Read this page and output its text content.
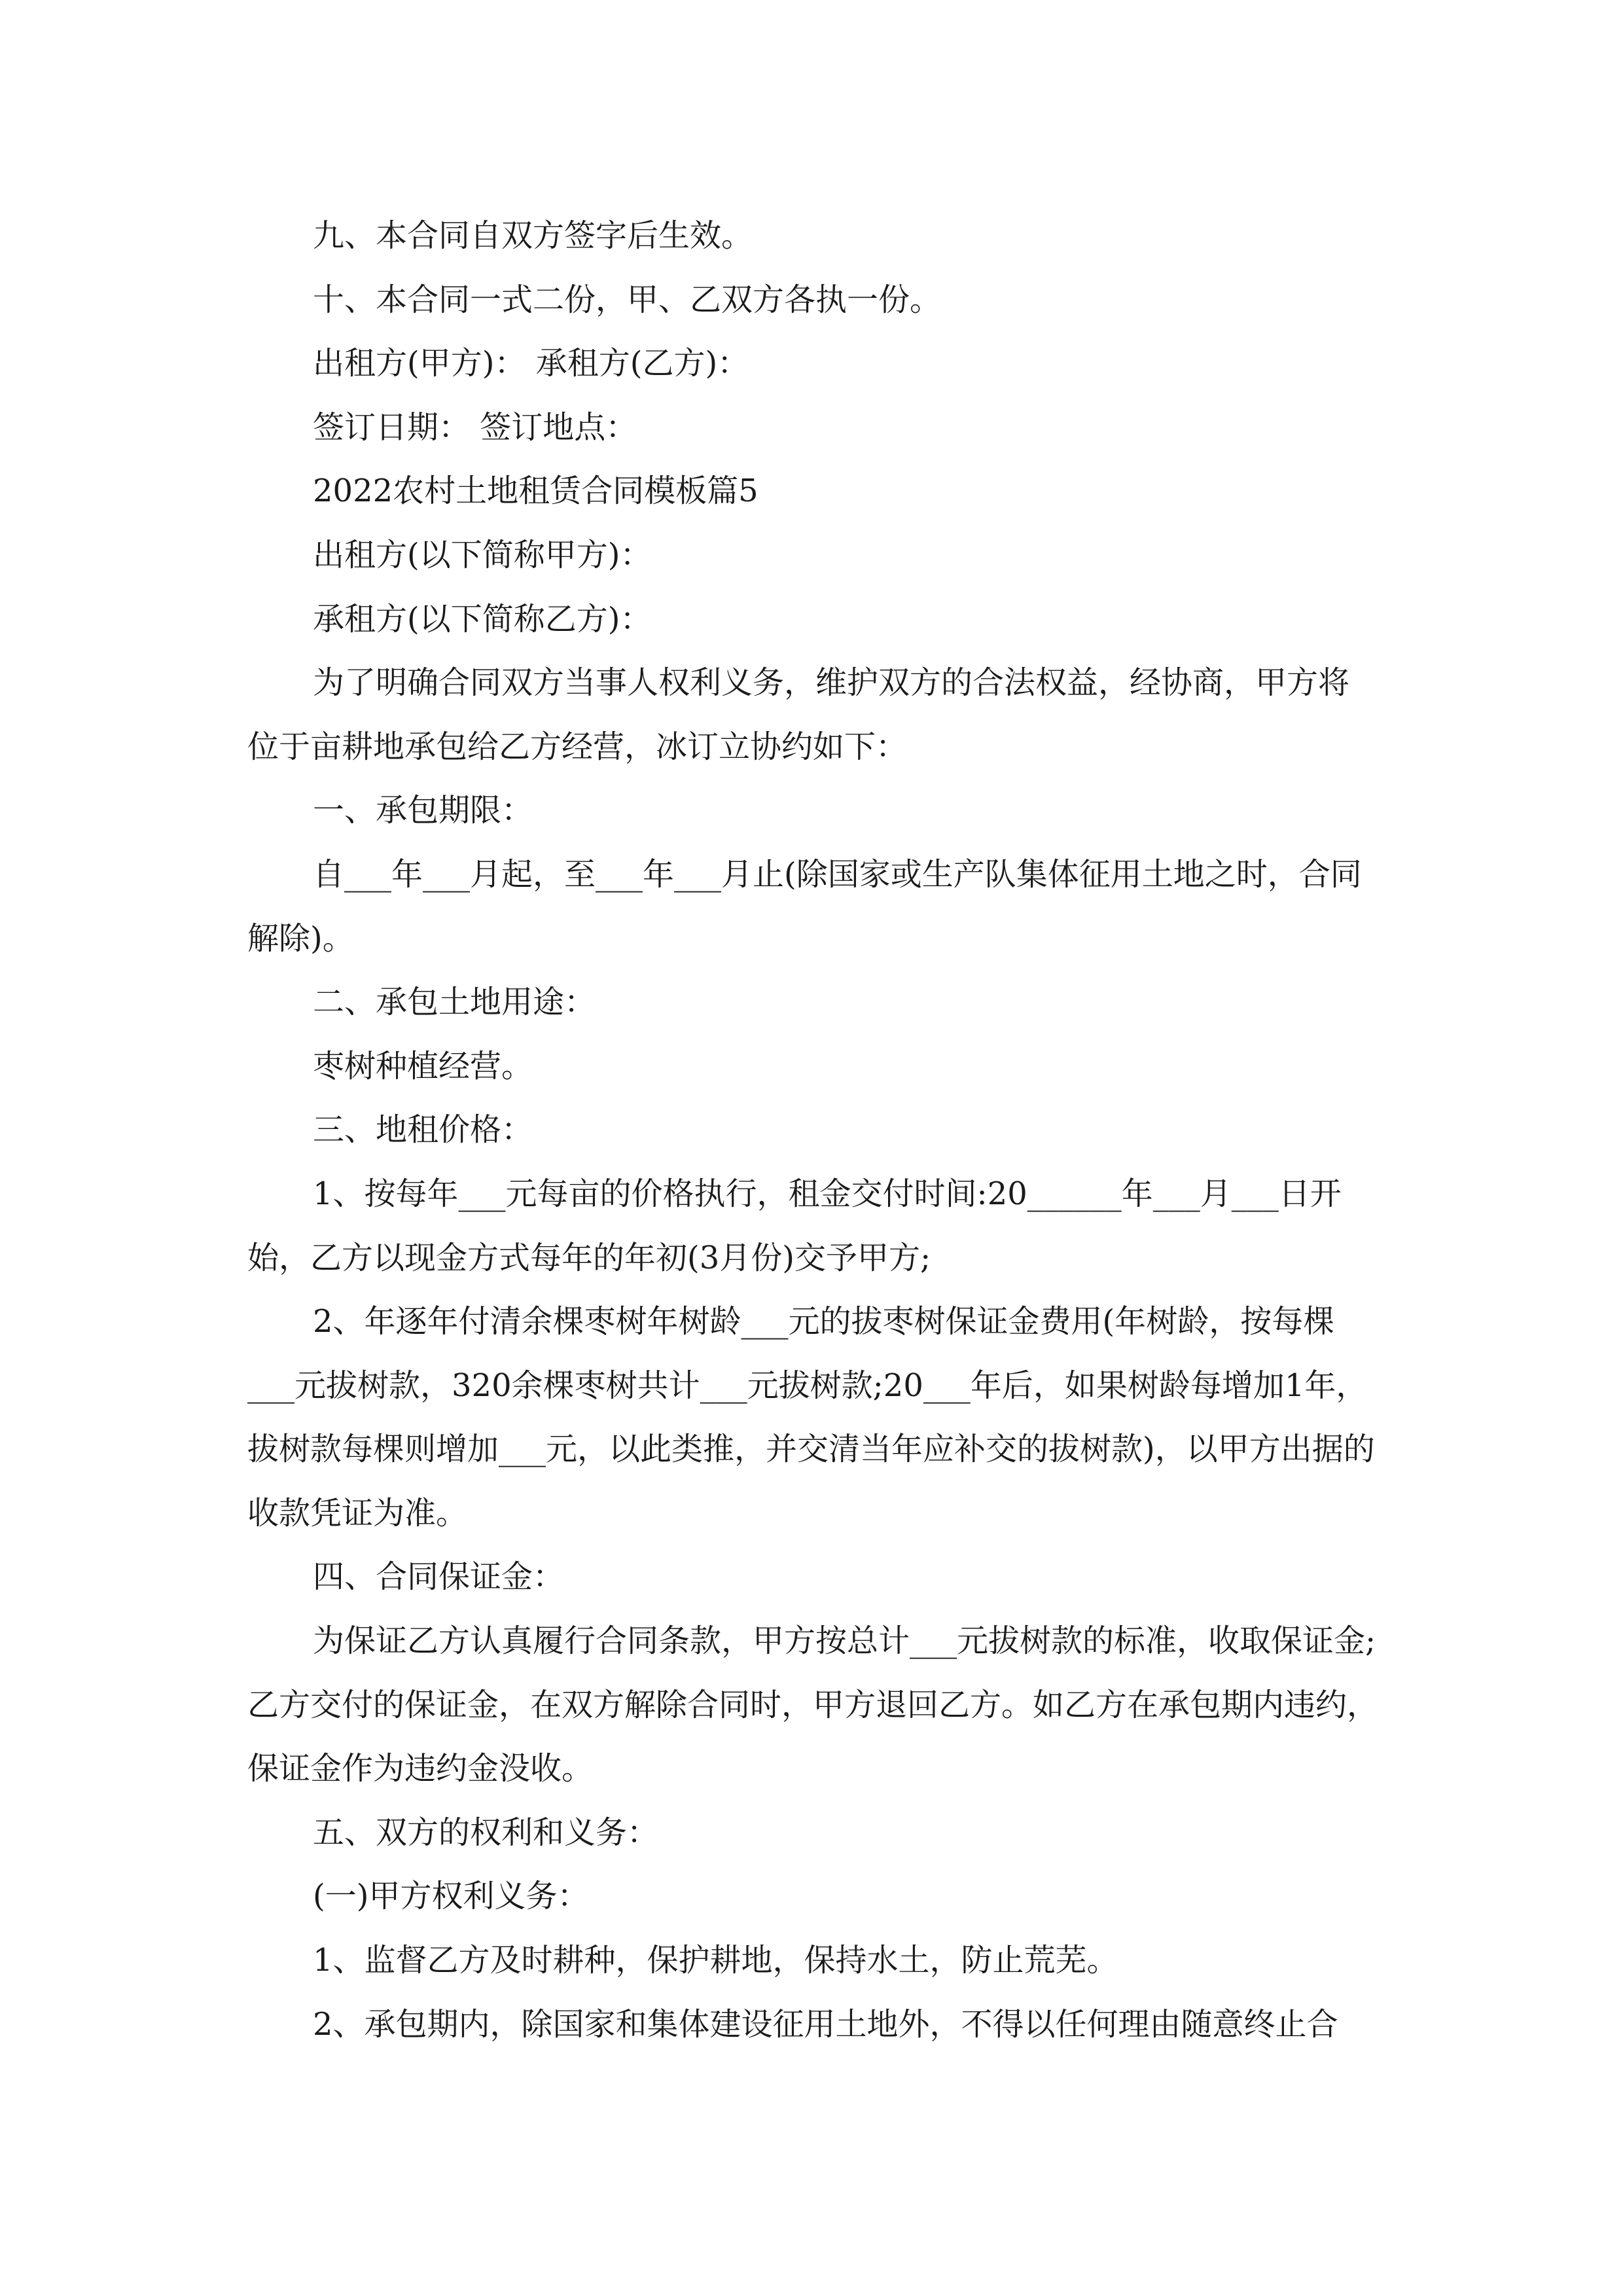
九、本合同自双方签字后生效。

十、本合同一式二份，甲、乙双方各执一份。

出租方(甲方)： 承租方(乙方)：

签订日期： 签订地点：

2022农村土地租赁合同模板篇5

出租方(以下简称甲方)：

承租方(以下简称乙方)：

为了明确合同双方当事人权利义务，维护双方的合法权益，经协商，甲方将位于亩耕地承包给乙方经营，冰订立协约如下：

一、承包期限：

自___年___月起，至___年___月止(除国家或生产队集体征用土地之时，合同解除)。

二、承包土地用途：

枣树种植经营。

三、地租价格：

1、按每年___元每亩的价格执行，租金交付时间:20______年___月___日开始，乙方以现金方式每年的年初(3月份)交予甲方;

2、年逐年付清余棵枣树年树龄___元的拔枣树保证金费用(年树龄，按每棵___元拔树款，320余棵枣树共计___元拔树款;20___年后，如果树龄每增加1年，拔树款每棵则增加___元，以此类推，并交清当年应补交的拔树款)，以甲方出据的收款凭证为准。

四、合同保证金：

为保证乙方认真履行合同条款，甲方按总计___元拔树款的标准，收取保证金;乙方交付的保证金，在双方解除合同时，甲方退回乙方。如乙方在承包期内违约，保证金作为违约金没收。

五、双方的权利和义务：

(一)甲方权利义务：

1、监督乙方及时耕种，保护耕地，保持水土，防止荒芜。

2、承包期内，除国家和集体建设征用土地外，不得以任何理由随意终止合
